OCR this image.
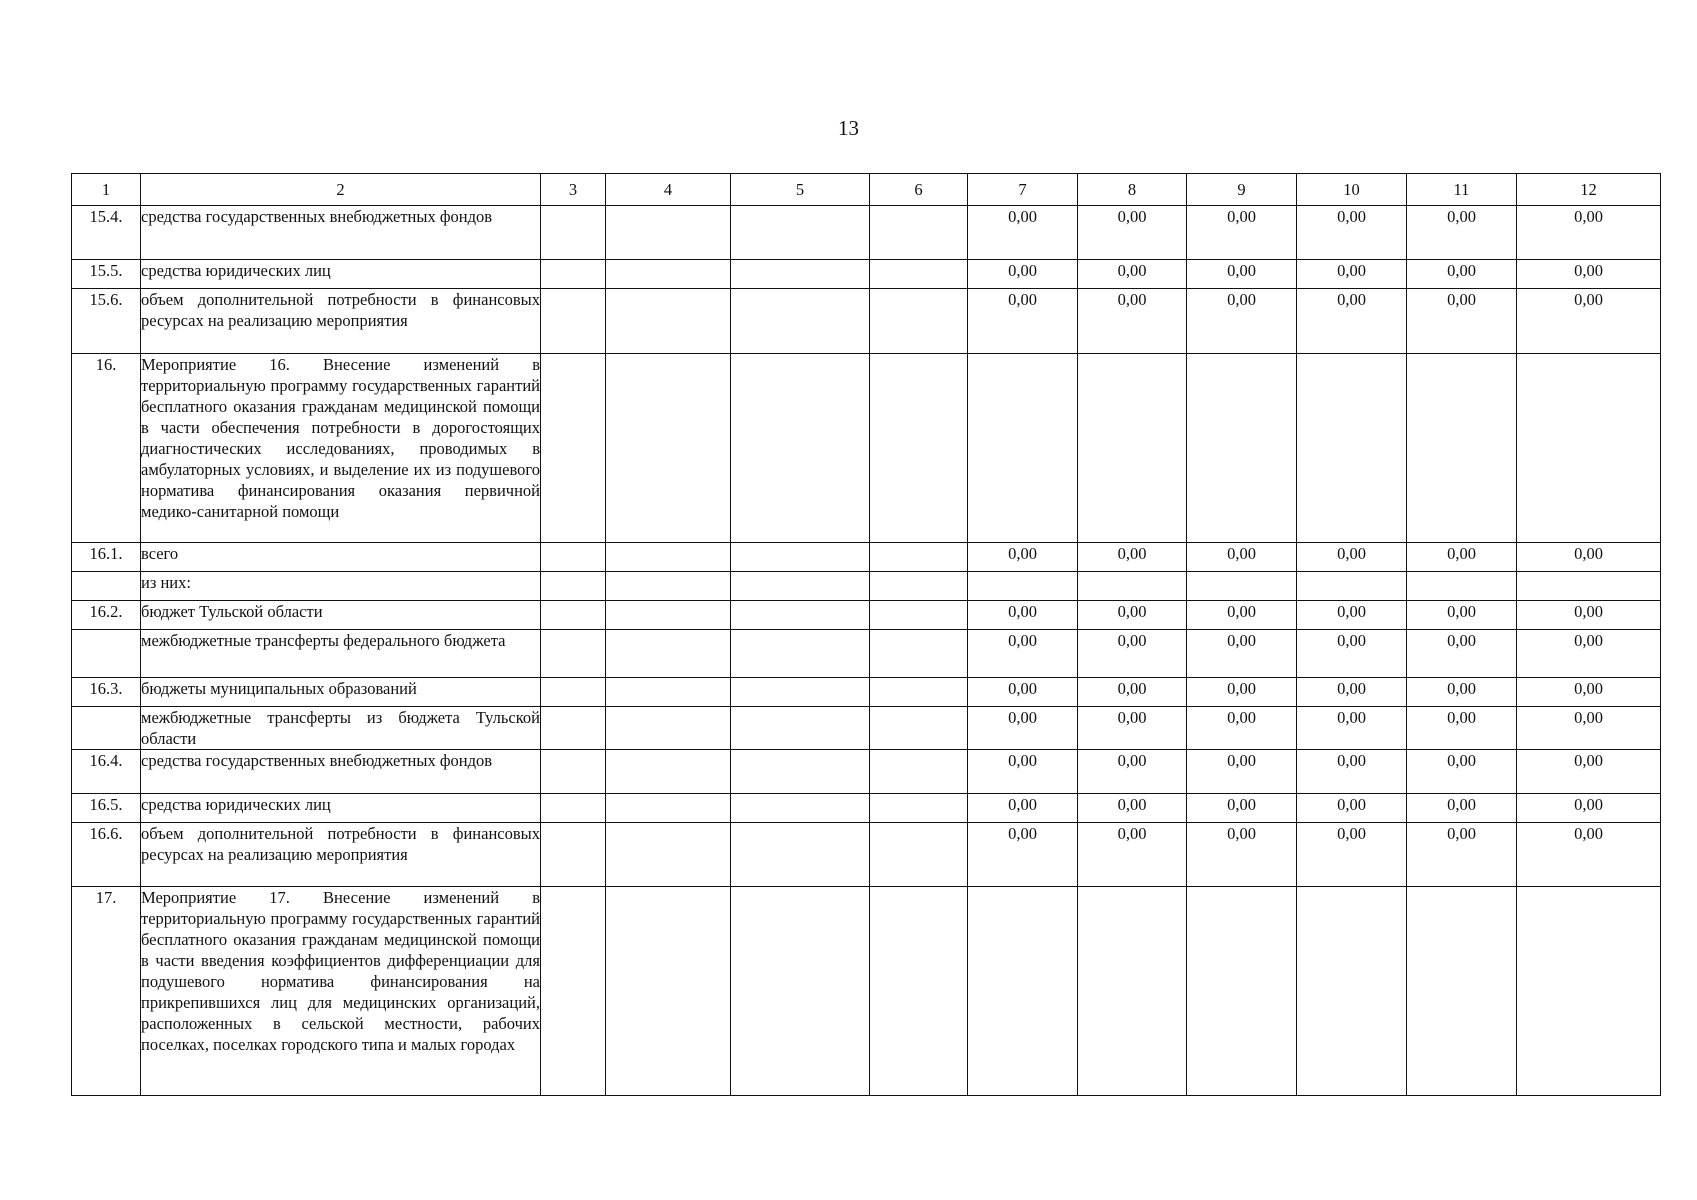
13
1	2	3	4	5	6	7	8	9	10	11	12
15.4.	средства государственных внебюджетных фондов					0,00	0,00	0,00	0,00	0,00	0,00
15.5.	средства юридических лиц					0,00	0,00	0,00	0,00	0,00	0,00
15.6.	объем дополнительной потребности в финансовых ресурсах на реализацию мероприятия					0,00	0,00	0,00	0,00	0,00	0,00
16.	Мероприятие 16. Внесение изменений в территориальную программу государственных гарантий бесплатного оказания гражданам медицинской помощи в части обеспечения потребности в дорогостоящих диагностических исследованиях, проводимых в амбулаторных условиях, и выделение их из подушевого норматива финансирования оказания первичной медико-санитарной помощи										
16.1.	всего					0,00	0,00	0,00	0,00	0,00	0,00
	из них:										
16.2.	бюджет Тульской области					0,00	0,00	0,00	0,00	0,00	0,00
	межбюджетные трансферты федерального бюджета					0,00	0,00	0,00	0,00	0,00	0,00
16.3.	бюджеты муниципальных образований					0,00	0,00	0,00	0,00	0,00	0,00
	межбюджетные трансферты из бюджета Тульской области					0,00	0,00	0,00	0,00	0,00	0,00
16.4.	средства государственных внебюджетных фондов					0,00	0,00	0,00	0,00	0,00	0,00
16.5.	средства юридических лиц					0,00	0,00	0,00	0,00	0,00	0,00
16.6.	объем дополнительной потребности в финансовых ресурсах на реализацию мероприятия					0,00	0,00	0,00	0,00	0,00	0,00
17.	Мероприятие 17. Внесение изменений в территориальную программу государственных гарантий бесплатного оказания гражданам медицинской помощи в части введения коэффициентов дифференциации для подушевого норматива финансирования на прикрепившихся лиц для медицинских организаций, расположенных в сельской местности, рабочих поселках, поселках городского типа и малых городах										
